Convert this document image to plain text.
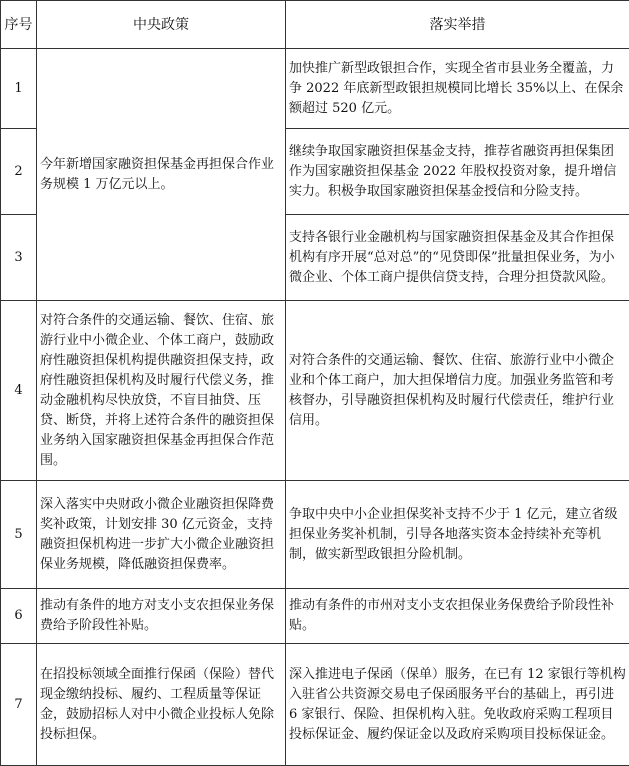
序号	中央政策	落实举措
1	今年新增国家融资担保基金再担保合作业务规模 1 万亿元以上。	加快推广新型政银担合作，实现全省市县业务全覆盖，力争 2022 年底新型政银担规模同比增长 35%以上、在保余额超过 520 亿元。
2		继续争取国家融资担保基金支持，推荐省融资再担保集团作为国家融资担保基金 2022 年股权投资对象，提升增信实力。积极争取国家融资担保基金授信和分险支持。
3		支持各银行业金融机构与国家融资担保基金及其合作担保机构有序开展“总对总”的“见贷即保”批量担保业务，为小微企业、个体工商户提供信贷支持，合理分担贷款风险。
4	对符合条件的交通运输、餐饮、住宿、旅游行业中小微企业、个体工商户，鼓励政府性融资担保机构提供融资担保支持，政府性融资担保机构及时履行代偿义务，推动金融机构尽快放贷，不盲目抽贷、压贷、断贷，并将上述符合条件的融资担保业务纳入国家融资担保基金再担保合作范围。	对符合条件的交通运输、餐饮、住宿、旅游行业中小微企业和个体工商户，加大担保增信力度。加强业务监管和考核督办，引导融资担保机构及时履行代偿责任，维护行业信用。
5	深入落实中央财政小微企业融资担保降费奖补政策，计划安排 30 亿元资金，支持融资担保机构进一步扩大小微企业融资担保业务规模，降低融资担保费率。	争取中央中小企业担保奖补支持不少于 1 亿元，建立省级担保业务奖补机制，引导各地落实资本金持续补充等机制，做实新型政银担分险机制。
6	推动有条件的地方对支小支农担保业务保费给予阶段性补贴。	推动有条件的市州对支小支农担保业务保费给予阶段性补贴。
7	在招投标领域全面推行保函（保险）替代现金缴纳投标、履约、工程质量等保证金，鼓励招标人对中小微企业投标人免除投标担保。	深入推进电子保函（保单）服务，在已有 12 家银行等机构入驻省公共资源交易电子保函服务平台的基础上，再引进 6 家银行、保险、担保机构入驻。免收政府采购工程项目投标保证金、履约保证金以及政府采购项目投标保证金。
